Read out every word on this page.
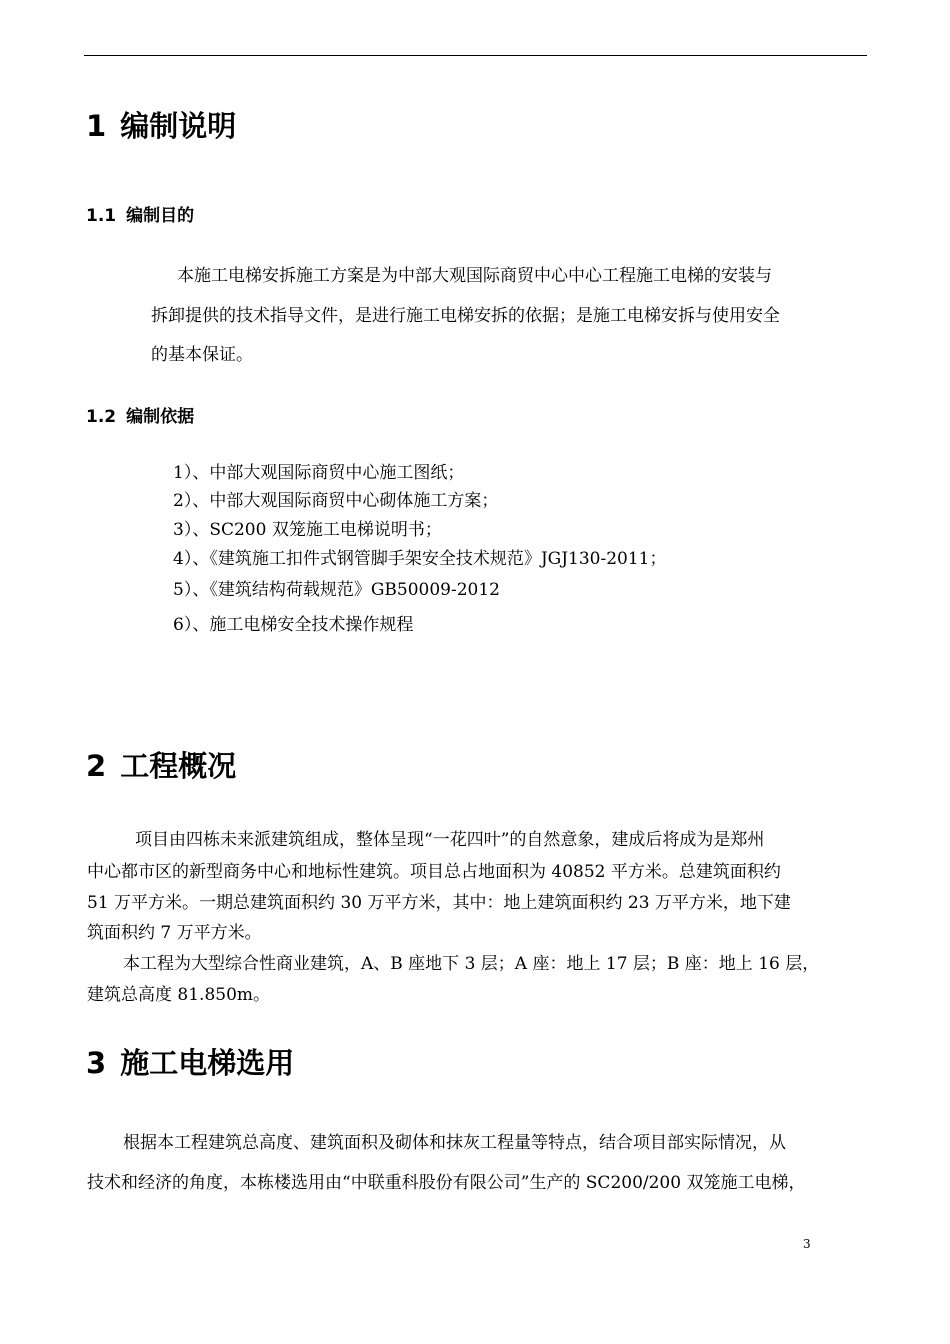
1 编制说明
1.1 编制目的
本施工电梯安拆施工方案是为中部大观国际商贸中心中心工程施工电梯的安装与
拆卸提供的技术指导文件，是进行施工电梯安拆的依据；是施工电梯安拆与使用安全
的基本保证。
1.2 编制依据
1）、中部大观国际商贸中心施工图纸；
2）、中部大观国际商贸中心砌体施工方案；
3）、SC200 双笼施工电梯说明书；
4）、《建筑施工扣件式钢管脚手架安全技术规范》JGJ130-2011；
5）、《建筑结构荷载规范》GB50009-2012
6）、施工电梯安全技术操作规程
2 工程概况
项目由四栋未来派建筑组成，整体呈现“一花四叶”的自然意象，建成后将成为是郑州
中心都市区的新型商务中心和地标性建筑。项目总占地面积为 40852 平方米。总建筑面积约
51 万平方米。一期总建筑面积约 30 万平方米，其中：地上建筑面积约 23 万平方米，地下建
筑面积约 7 万平方米。
本工程为大型综合性商业建筑，A、B 座地下 3 层；A 座：地上 17 层；B 座：地上 16 层，
建筑总高度 81.850m。
3 施工电梯选用
根据本工程建筑总高度、建筑面积及砌体和抹灰工程量等特点，结合项目部实际情况，从
技术和经济的角度，本栋楼选用由“中联重科股份有限公司”生产的 SC200/200 双笼施工电梯，
3
